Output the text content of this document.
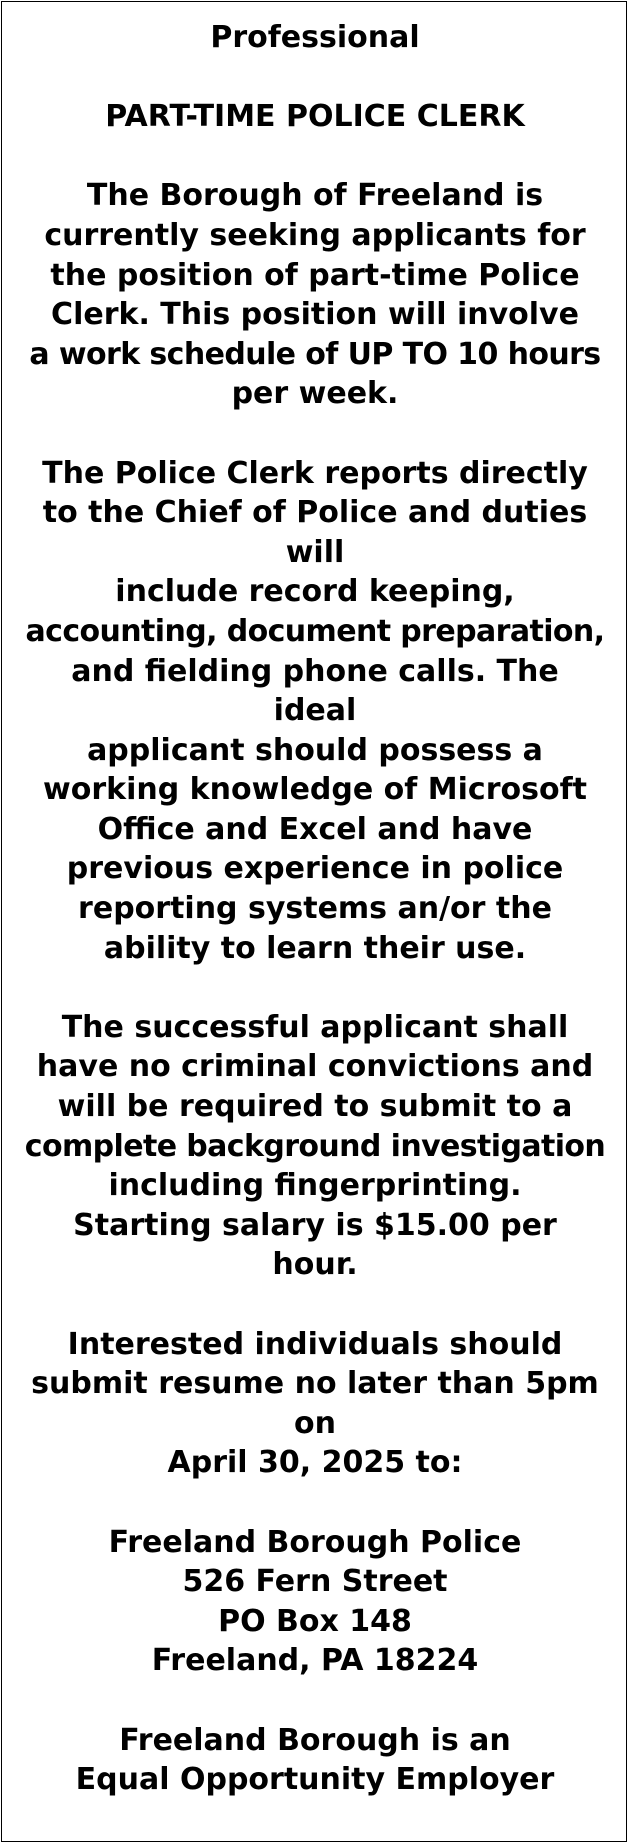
Professional
PART-TIME POLICE CLERK
The Borough of Freeland is
currently seeking applicants for
the position of part-time Police
Clerk. This position will involve
a work schedule of UP TO 10 hours
per week.
The Police Clerk reports directly
to the Chief of Police and duties
will
include record keeping,
accounting, document preparation,
and fielding phone calls. The
ideal
applicant should possess a
working knowledge of Microsoft
Office and Excel and have
previous experience in police
reporting systems an/or the
ability to learn their use.
The successful applicant shall
have no criminal convictions and
will be required to submit to a
complete background investigation
including fingerprinting.
Starting salary is $15.00 per
hour.
Interested individuals should
submit resume no later than 5pm
on
April 30, 2025 to:
Freeland Borough Police
526 Fern Street
PO Box 148
Freeland, PA 18224
Freeland Borough is an
Equal Opportunity Employer
